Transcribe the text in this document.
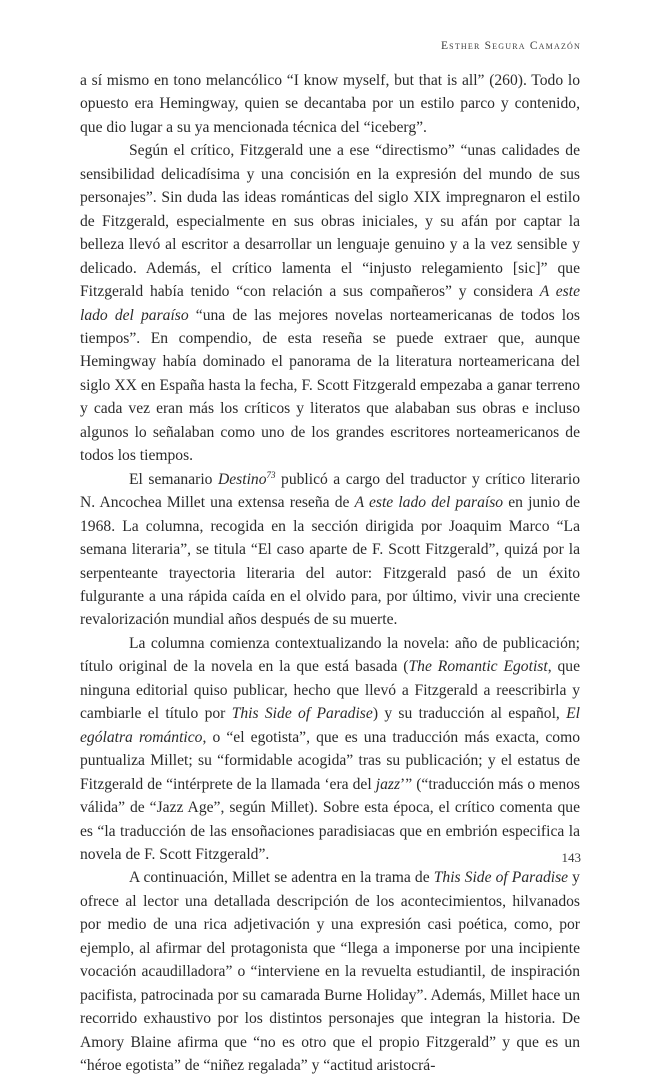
Esther Segura Camazón

a sí mismo en tono melancólico “I know myself, but that is all” (260). Todo lo opuesto era Hemingway, quien se decantaba por un estilo parco y contenido, que dio lugar a su ya mencionada técnica del “iceberg”.

Según el crítico, Fitzgerald une a ese “directismo” “unas calidades de sensibilidad delicadísima y una concisión en la expresión del mundo de sus personajes”. Sin duda las ideas románticas del siglo XIX impregnaron el estilo de Fitzgerald, especialmente en sus obras iniciales, y su afán por captar la belleza llevó al escritor a desarrollar un lenguaje genuino y a la vez sensible y delicado. Además, el crítico lamenta el “injusto relegamiento [sic]” que Fitzgerald había tenido “con relación a sus compañeros” y considera A este lado del paraíso “una de las mejores novelas norteamericanas de todos los tiempos”. En compendio, de esta reseña se puede extraer que, aunque Hemingway había dominado el panorama de la literatura norteamericana del siglo XX en España hasta la fecha, F. Scott Fitzgerald empezaba a ganar terreno y cada vez eran más los críticos y literatos que alababan sus obras e incluso algunos lo señalaban como uno de los grandes escritores norteamericanos de todos los tiempos.

El semanario Destino$^{73}$ publicó a cargo del traductor y crítico literario N. Ancochea Millet una extensa reseña de A este lado del paraíso en junio de 1968. La columna, recogida en la sección dirigida por Joaquim Marco “La semana literaria”, se titula “El caso aparte de F. Scott Fitzgerald”, quizá por la serpenteante trayectoria literaria del autor: Fitzgerald pasó de un éxito fulgurante a una rápida caída en el olvido para, por último, vivir una creciente revalorización mundial años después de su muerte.

La columna comienza contextualizando la novela: año de publicación; título original de la novela en la que está basada (The Romantic Egotist, que ninguna editorial quiso publicar, hecho que llevó a Fitzgerald a reescribirla y cambiarle el título por This Side of Paradise) y su traducción al español, El ególatra romántico, o “el egotista”, que es una traducción más exacta, como puntualiza Millet; su “formidable acogida” tras su publicación; y el estatus de Fitzgerald de “intérprete de la llamada ‘era del jazz’” (“traducción más o menos válida” de “Jazz Age”, según Millet). Sobre esta época, el crítico comenta que es “la traducción de las ensoñaciones paradisiacas que en embrión especifica la novela de F. Scott Fitzgerald”.

A continuación, Millet se adentra en la trama de This Side of Paradise y ofrece al lector una detallada descripción de los acontecimientos, hilvanados por medio de una rica adjetivación y una expresión casi poética, como, por ejemplo, al afirmar del protagonista que “llega a imponerse por una incipiente vocación acaudilladora” o “interviene en la revuelta estudiantil, de inspiración pacifista, patrocinada por su camarada Burne Holiday”. Además, Millet hace un recorrido exhaustivo por los distintos personajes que integran la historia. De Amory Blaine afirma que “no es otro que el propio Fitzgerald” y que es un “héroe egotista” de “niñez regalada” y “actitud aristocrá-

143
